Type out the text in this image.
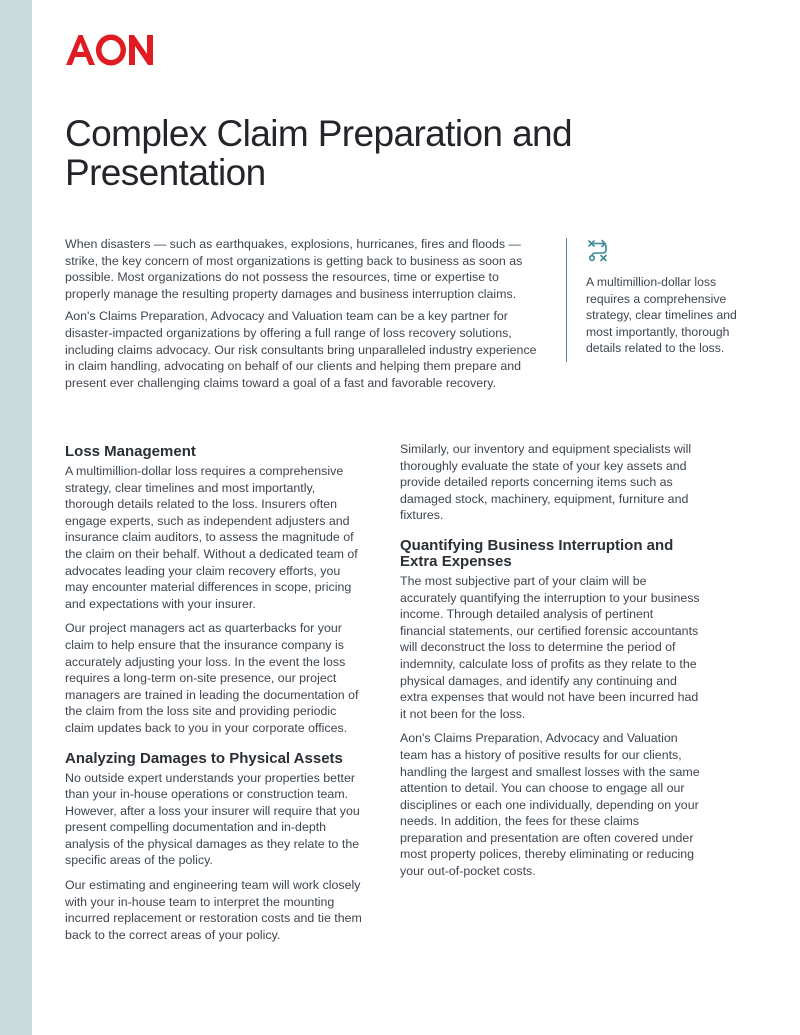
Complex Claim Preparation and Presentation

When disasters — such as earthquakes, explosions, hurricanes, fires and floods — strike, the key concern of most organizations is getting back to business as soon as possible. Most organizations do not possess the resources, time or expertise to properly manage the resulting property damages and business interruption claims.

Aon's Claims Preparation, Advocacy and Valuation team can be a key partner for disaster-impacted organizations by offering a full range of loss recovery solutions, including claims advocacy. Our risk consultants bring unparalleled industry experience in claim handling, advocating on behalf of our clients and helping them prepare and present ever challenging claims toward a goal of a fast and favorable recovery.

A multimillion-dollar loss requires a comprehensive strategy, clear timelines and most importantly, thorough details related to the loss.
Loss Management

A multimillion-dollar loss requires a comprehensive strategy, clear timelines and most importantly, thorough details related to the loss. Insurers often engage experts, such as independent adjusters and insurance claim auditors, to assess the magnitude of the claim on their behalf. Without a dedicated team of advocates leading your claim recovery efforts, you may encounter material differences in scope, pricing and expectations with your insurer.

Our project managers act as quarterbacks for your claim to help ensure that the insurance company is accurately adjusting your loss. In the event the loss requires a long-term on-site presence, our project managers are trained in leading the documentation of the claim from the loss site and providing periodic claim updates back to you in your corporate offices.

Analyzing Damages to Physical Assets

No outside expert understands your properties better than your in-house operations or construction team. However, after a loss your insurer will require that you present compelling documentation and in-depth analysis of the physical damages as they relate to the specific areas of the policy.

Our estimating and engineering team will work closely with your in-house team to interpret the mounting incurred replacement or restoration costs and tie them back to the correct areas of your policy.

Similarly, our inventory and equipment specialists will thoroughly evaluate the state of your key assets and provide detailed reports concerning items such as damaged stock, machinery, equipment, furniture and fixtures.

Quantifying Business Interruption and Extra Expenses

The most subjective part of your claim will be accurately quantifying the interruption to your business income. Through detailed analysis of pertinent financial statements, our certified forensic accountants will deconstruct the loss to determine the period of indemnity, calculate loss of profits as they relate to the physical damages, and identify any continuing and extra expenses that would not have been incurred had it not been for the loss.

Aon's Claims Preparation, Advocacy and Valuation team has a history of positive results for our clients, handling the largest and smallest losses with the same attention to detail. You can choose to engage all our disciplines or each one individually, depending on your needs. In addition, the fees for these claims preparation and presentation are often covered under most property polices, thereby eliminating or reducing your out-of-pocket costs.
